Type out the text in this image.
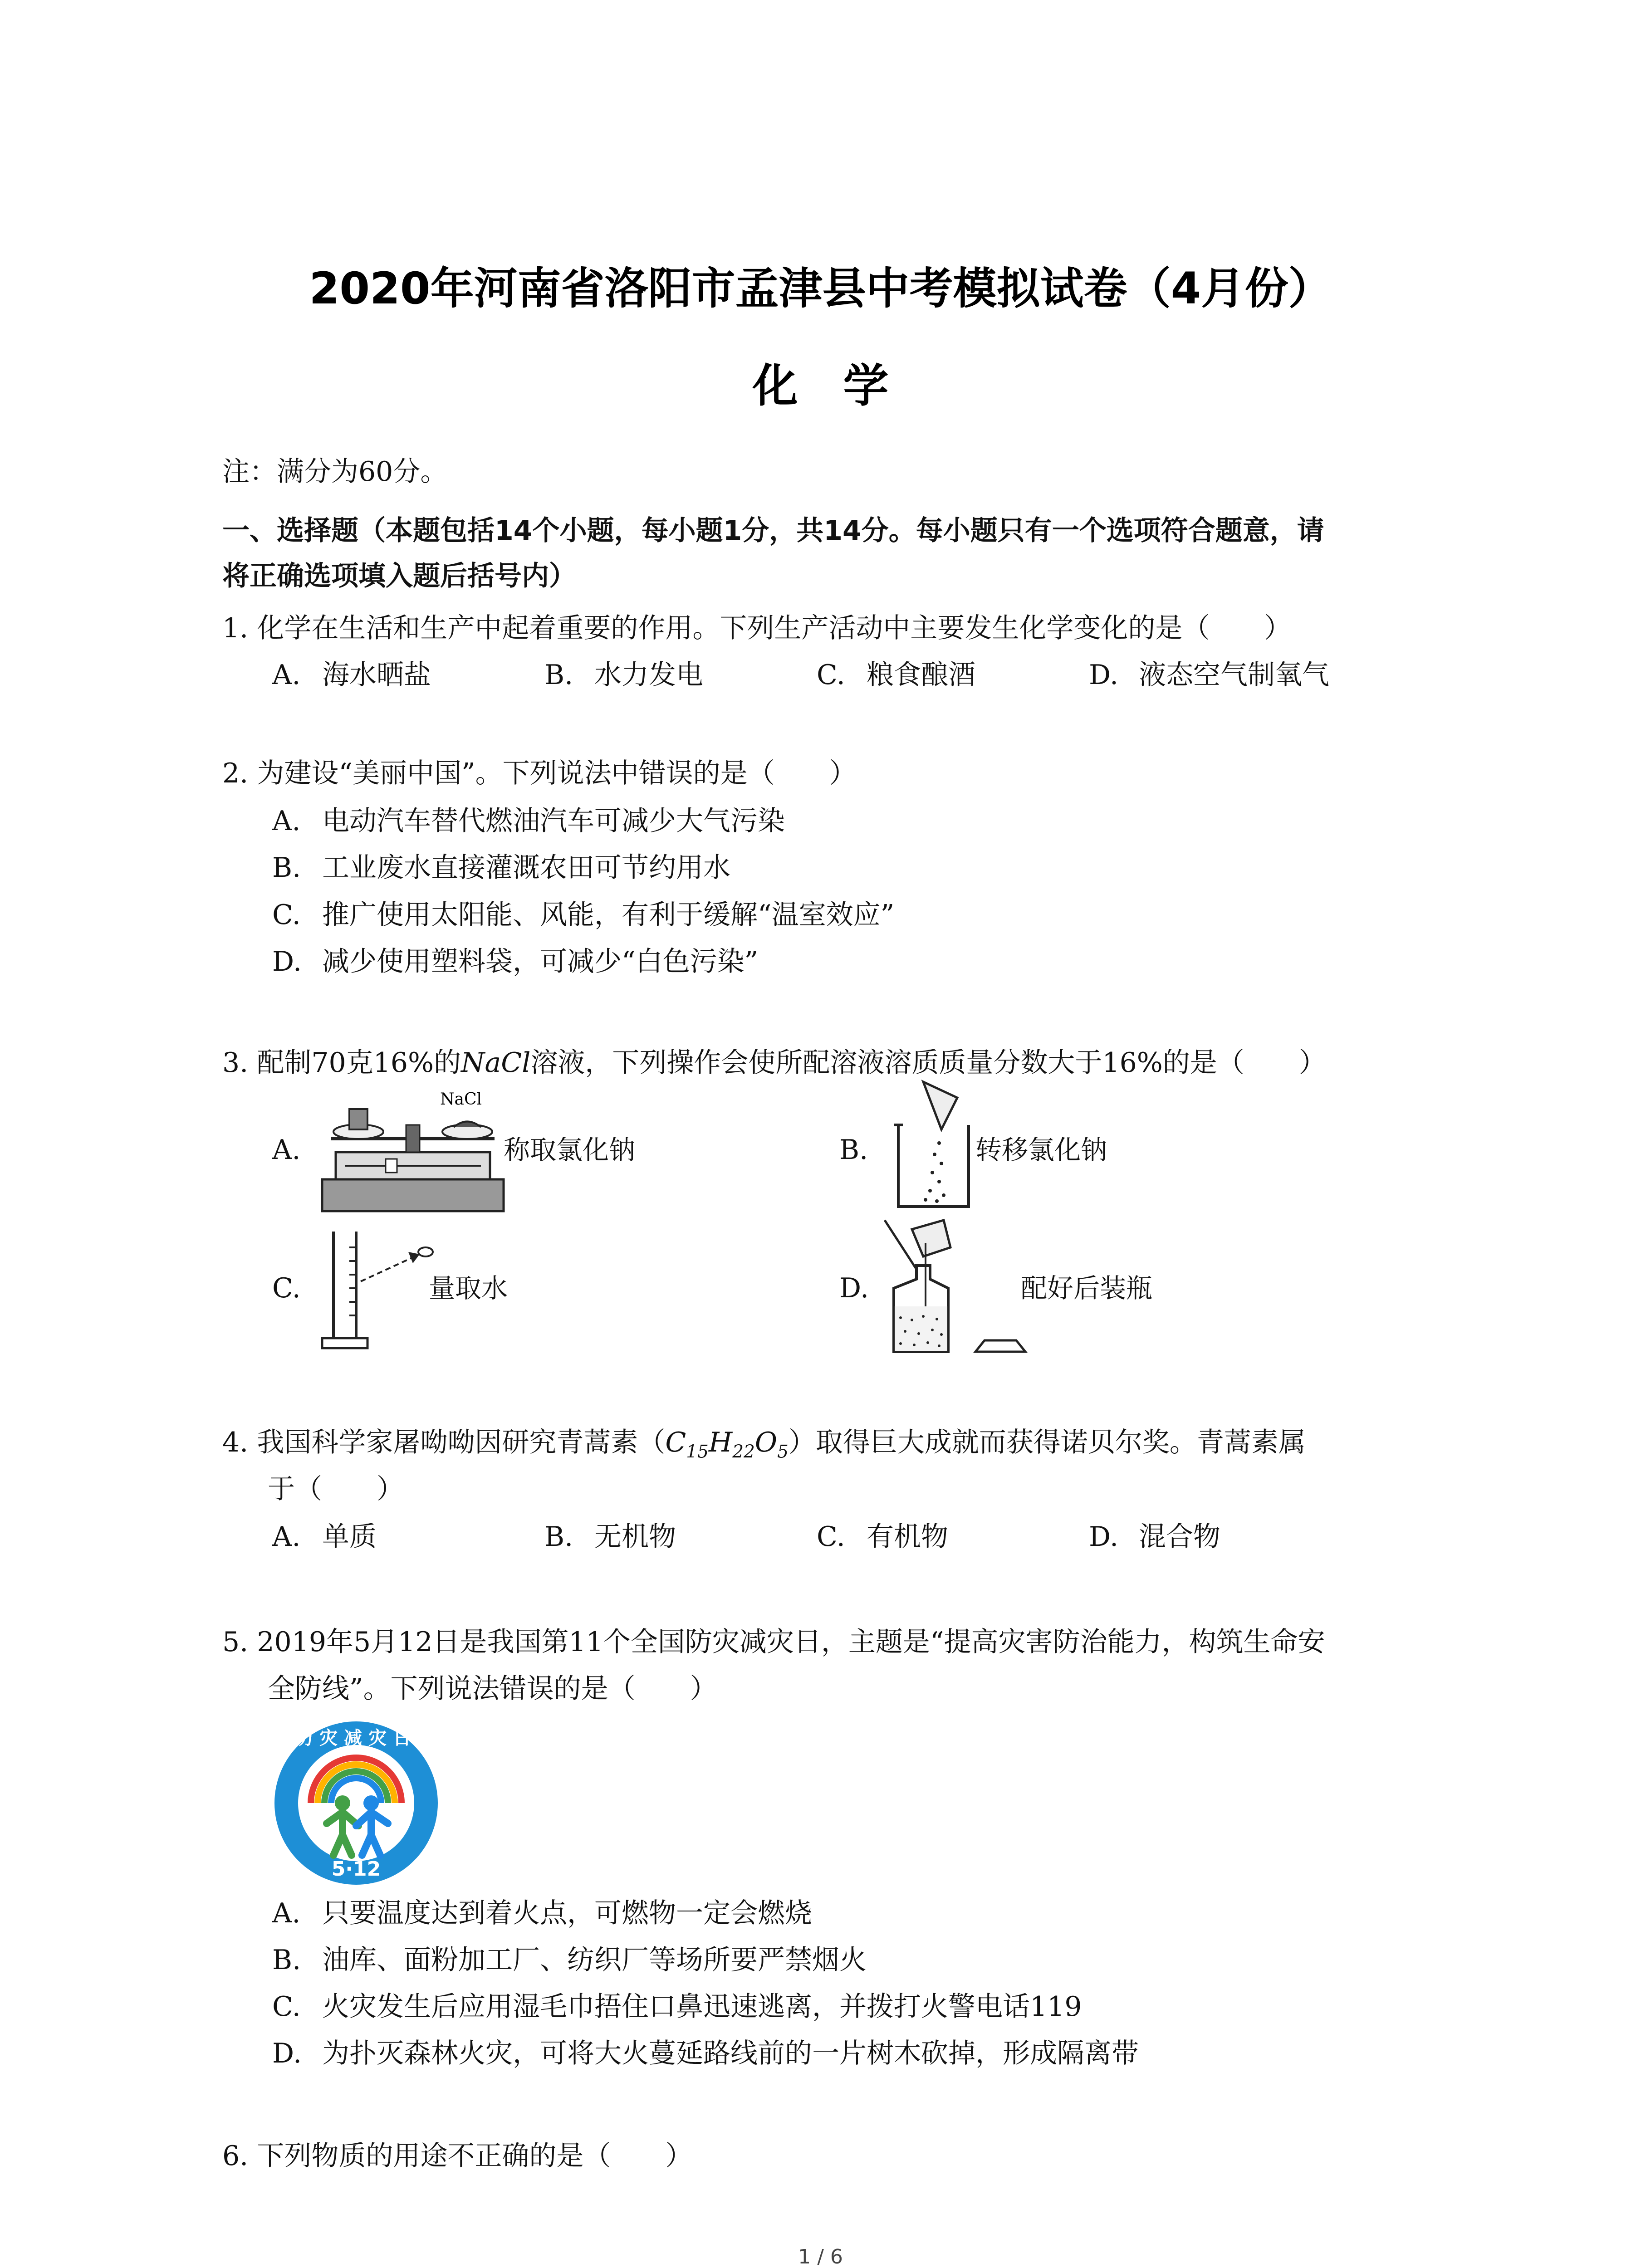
2020年河南省洛阳市孟津县中考模拟试卷（4月份）
化学
注：满分为60分。
一、选择题（本题包括14个小题，每小题1分，共14分。每小题只有一个选项符合题意，请
将正确选项填入题后括号内）
1. 化学在生活和生产中起着重要的作用。下列生产活动中主要发生化学变化的是（　　）
A. 海水晒盐	B. 水力发电	C. 粮食酿酒	D. 液态空气制氧气
2. 为建设“美丽中国”。下列说法中错误的是（　　）
A. 电动汽车替代燃油汽车可减少大气污染
B. 工业废水直接灌溉农田可节约用水
C. 推广使用太阳能、风能，有利于缓解“温室效应”
D. 减少使用塑料袋，可减少“白色污染”
3. 配制70克16%的NaCl溶液，下列操作会使所配溶液溶质质量分数大于16%的是（　　）
A.
NaCl
称取氯化钠	B.	转移氯化钠
C.	量取水	D.	配好后装瓶
4. 我国科学家屠呦呦因研究青蒿素$(C_{15}H_{22}O_5)$取得巨大成就而获得诺贝尔奖。青蒿素属
于（　　）
A. 单质	B. 无机物	C. 有机物	D. 混合物
5. 2019年5月12日是我国第11个全国防灾减灾日，主题是“提高灾害防治能力，构筑生命安
全防线”。下列说法错误的是（　　）
防灾减灾日
5·12
A. 只要温度达到着火点，可燃物一定会燃烧
B. 油库、面粉加工厂、纺织厂等场所要严禁烟火
C. 火灾发生后应用湿毛巾捂住口鼻迅速逃离，并拨打火警电话119
D. 为扑灭森林火灾，可将大火蔓延路线前的一片树木砍掉，形成隔离带
6. 下列物质的用途不正确的是（　　）
1 / 6
